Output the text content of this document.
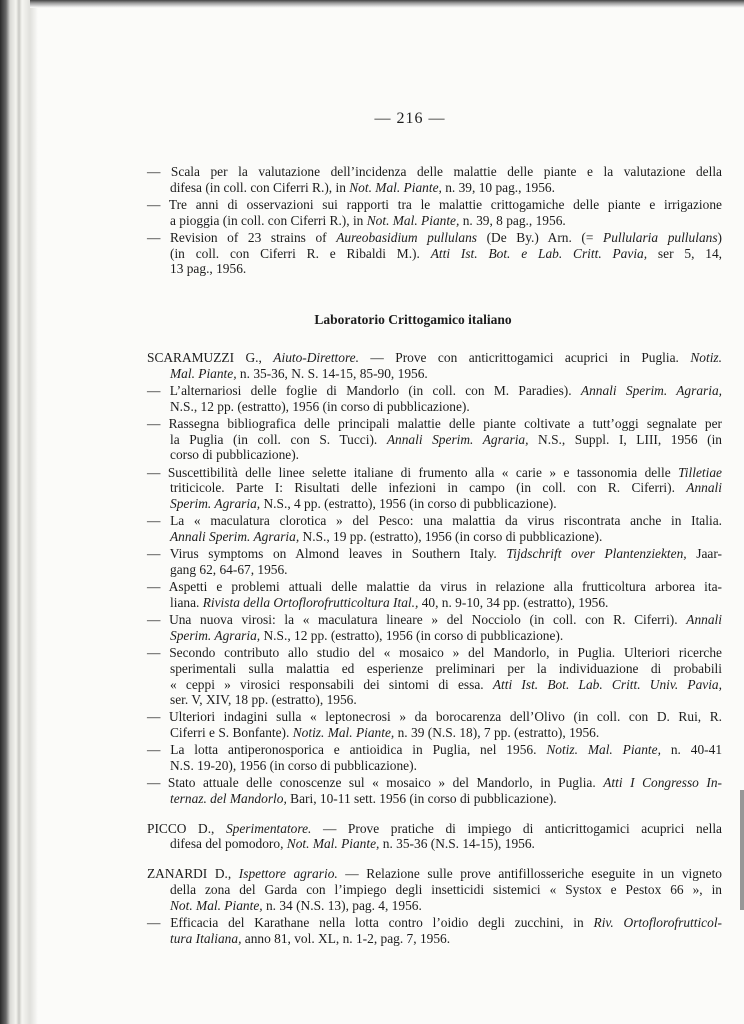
— 216 —
— Scala per la valutazione dell’incidenza delle malattie delle piante e la valutazione della
difesa (in coll. con Ciferri R.), in Not. Mal. Piante, n. 39, 10 pag., 1956.
— Tre anni di osservazioni sui rapporti tra le malattie crittogamiche delle piante e irrigazione
a pioggia (in coll. con Ciferri R.), in Not. Mal. Piante, n. 39, 8 pag., 1956.
— Revision of 23 strains of Aureobasidium pullulans (De By.) Arn. (= Pullularia pullulans)
(in coll. con Ciferri R. e Ribaldi M.). Atti Ist. Bot. e Lab. Critt. Pavia, ser 5, 14,
13 pag., 1956.
Laboratorio Crittogamico italiano
SCARAMUZZI G., Aiuto-Direttore. — Prove con anticrittogamici acuprici in Puglia. Notiz.
Mal. Piante, n. 35-36, N. S. 14-15, 85-90, 1956.
— L’alternariosi delle foglie di Mandorlo (in coll. con M. Paradies). Annali Sperim. Agraria,
N.S., 12 pp. (estratto), 1956 (in corso di pubblicazione).
— Rassegna bibliografica delle principali malattie delle piante coltivate a tutt’oggi segnalate per
la Puglia (in coll. con S. Tucci). Annali Sperim. Agraria, N.S., Suppl. I, LIII, 1956 (in
corso di pubblicazione).
— Suscettibilità delle linee selette italiane di frumento alla « carie » e tassonomia delle Tilletiae
triticicole. Parte I: Risultati delle infezioni in campo (in coll. con R. Ciferri). Annali
Sperim. Agraria, N.S., 4 pp. (estratto), 1956 (in corso di pubblicazione).
— La « maculatura clorotica » del Pesco: una malattia da virus riscontrata anche in Italia.
Annali Sperim. Agraria, N.S., 19 pp. (estratto), 1956 (in corso di pubblicazione).
— Virus symptoms on Almond leaves in Southern Italy. Tijdschrift over Plantenziekten, Jaar-
gang 62, 64-67, 1956.
— Aspetti e problemi attuali delle malattie da virus in relazione alla frutticoltura arborea ita-
liana. Rivista della Ortoflorofrutticoltura Ital., 40, n. 9-10, 34 pp. (estratto), 1956.
— Una nuova virosi: la « maculatura lineare » del Nocciolo (in coll. con R. Ciferri). Annali
Sperim. Agraria, N.S., 12 pp. (estratto), 1956 (in corso di pubblicazione).
— Secondo contributo allo studio del « mosaico » del Mandorlo, in Puglia. Ulteriori ricerche
sperimentali sulla malattia ed esperienze preliminari per la individuazione di probabili
« ceppi » virosici responsabili dei sintomi di essa. Atti Ist. Bot. Lab. Critt. Univ. Pavia,
ser. V, XIV, 18 pp. (estratto), 1956.
— Ulteriori indagini sulla « leptonecrosi » da borocarenza dell’Olivo (in coll. con D. Rui, R.
Ciferri e S. Bonfante). Notiz. Mal. Piante, n. 39 (N.S. 18), 7 pp. (estratto), 1956.
— La lotta antiperonosporica e antioidica in Puglia, nel 1956. Notiz. Mal. Piante, n. 40-41
N.S. 19-20), 1956 (in corso di pubblicazione).
— Stato attuale delle conoscenze sul « mosaico » del Mandorlo, in Puglia. Atti I Congresso In-
ternaz. del Mandorlo, Bari, 10-11 sett. 1956 (in corso di pubblicazione).
PICCO D., Sperimentatore. — Prove pratiche di impiego di anticrittogamici acuprici nella
difesa del pomodoro, Not. Mal. Piante, n. 35-36 (N.S. 14-15), 1956.
ZANARDI D., Ispettore agrario. — Relazione sulle prove antifillosseriche eseguite in un vigneto
della zona del Garda con l’impiego degli insetticidi sistemici « Systox e Pestox 66 », in
Not. Mal. Piante, n. 34 (N.S. 13), pag. 4, 1956.
— Efficacia del Karathane nella lotta contro l’oidio degli zucchini, in Riv. Ortoflorofrutticol-
tura Italiana, anno 81, vol. XL, n. 1-2, pag. 7, 1956.
